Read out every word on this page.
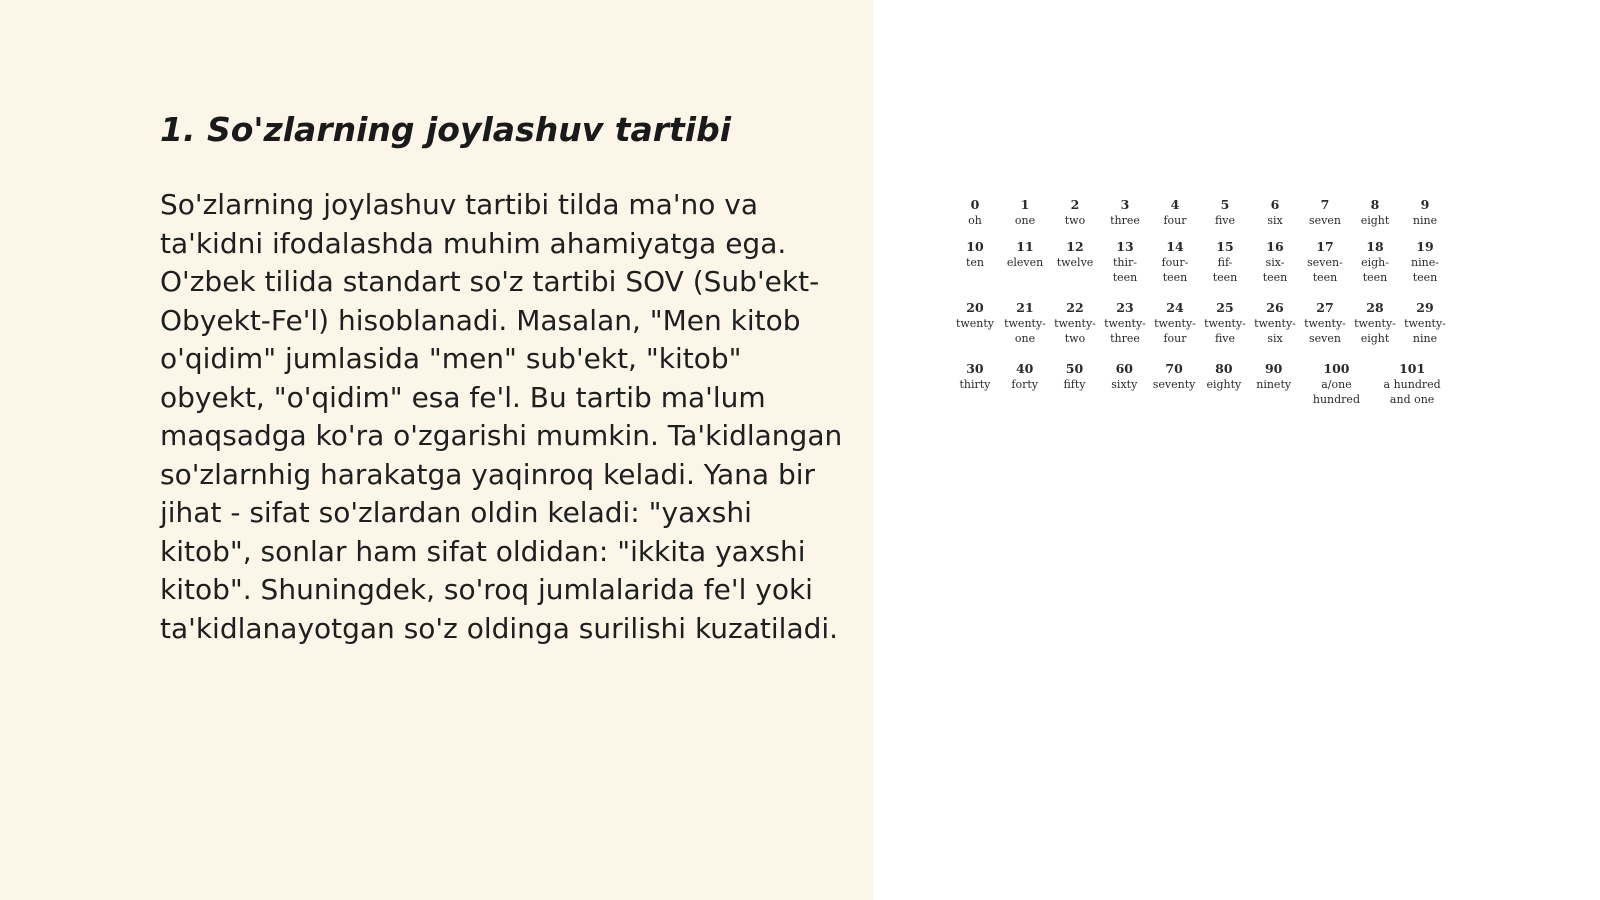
1. So'zlarning joylashuv tartibi

So'zlarning joylashuv tartibi tilda ma'no va ta'kidni ifodalashda muhim ahamiyatga ega. O'zbek tilida standart so'z tartibi SOV (Sub'ekt-Obyekt-Fe'l) hisoblanadi. Masalan, "Men kitob o'qidim" jumlasida "men" sub'ekt, "kitob" obyekt, "o'qidim" esa fe'l. Bu tartib ma'lum maqsadga ko'ra o'zgarishi mumkin. Ta'kidlangan so'zlarnhig harakatga yaqinroq keladi. Yana bir jihat - sifat so'zlardan oldin keladi: "yaxshi kitob", sonlar ham sifat oldidan: "ikkita yaxshi kitob". Shuningdek, so'roq jumlalarida fe'l yoki ta'kidlanayotgan so'z oldinga surilishi kuzatiladi.

0
oh
1
one
2
two
3
three
4
four
5
five
6
six
7
seven
8
eight
9
nine
10
ten
11
eleven
12
twelve
13
thir-
teen
14
four-
teen
15
fif-
teen
16
six-
teen
17
seven-
teen
18
eigh-
teen
19
nine-
teen
20
twenty
21
twenty-
one
22
twenty-
two
23
twenty-
three
24
twenty-
four
25
twenty-
five
26
twenty-
six
27
twenty-
seven
28
twenty-
eight
29
twenty-
nine
30
thirty
40
forty
50
fifty
60
sixty
70
seventy
80
eighty
90
ninety
100
a/one
hundred
101
a hundred
and one
